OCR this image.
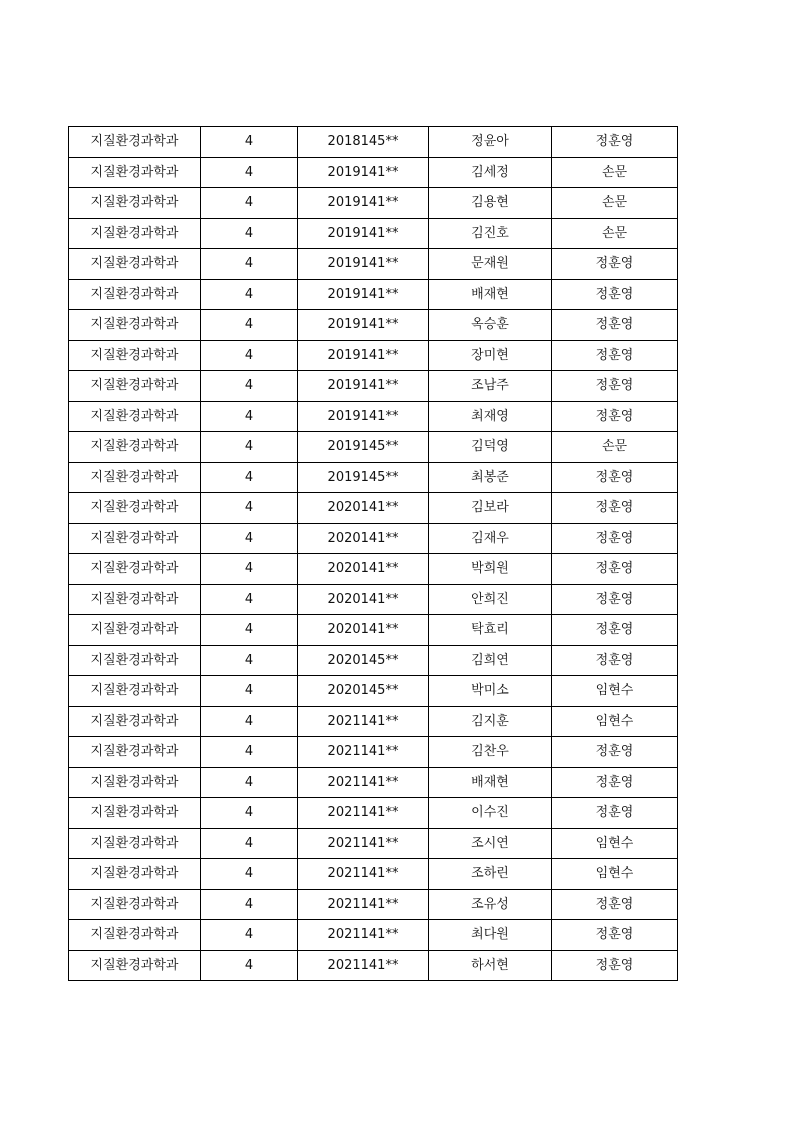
지질환경과학과	4	2018145**	정윤아	정훈영
지질환경과학과	4	2019141**	김세정	손문
지질환경과학과	4	2019141**	김용현	손문
지질환경과학과	4	2019141**	김진호	손문
지질환경과학과	4	2019141**	문재원	정훈영
지질환경과학과	4	2019141**	배재현	정훈영
지질환경과학과	4	2019141**	옥승훈	정훈영
지질환경과학과	4	2019141**	장미현	정훈영
지질환경과학과	4	2019141**	조남주	정훈영
지질환경과학과	4	2019141**	최재영	정훈영
지질환경과학과	4	2019145**	김덕영	손문
지질환경과학과	4	2019145**	최봉준	정훈영
지질환경과학과	4	2020141**	김보라	정훈영
지질환경과학과	4	2020141**	김재우	정훈영
지질환경과학과	4	2020141**	박희원	정훈영
지질환경과학과	4	2020141**	안희진	정훈영
지질환경과학과	4	2020141**	탁효리	정훈영
지질환경과학과	4	2020145**	김희연	정훈영
지질환경과학과	4	2020145**	박미소	임현수
지질환경과학과	4	2021141**	김지훈	임현수
지질환경과학과	4	2021141**	김찬우	정훈영
지질환경과학과	4	2021141**	배재현	정훈영
지질환경과학과	4	2021141**	이수진	정훈영
지질환경과학과	4	2021141**	조시연	임현수
지질환경과학과	4	2021141**	조하린	임현수
지질환경과학과	4	2021141**	조유성	정훈영
지질환경과학과	4	2021141**	최다원	정훈영
지질환경과학과	4	2021141**	하서현	정훈영
